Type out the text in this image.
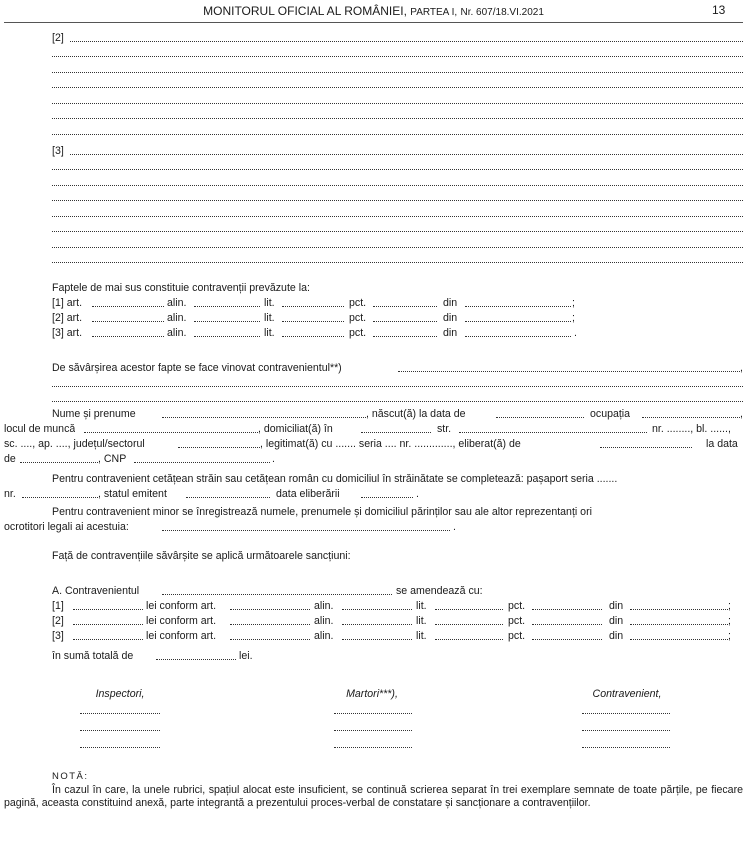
MONITORUL OFICIAL AL ROMÂNIEI, PARTEA I, Nr. 607/18.VI.2021	13
[2]
[3]
Faptele de mai sus constituie contravenții prevăzute la:
[1] art.	alin.	lit.	pct.	din	;
[2] art.	alin.	lit.	pct.	din	;
[3] art.	alin.	lit.	pct.	din	.
De săvârșirea acestor fapte se face vinovat contravenientul**)	,
Nume și prenume	, născut(ă) la data de	ocupația	,
locul de muncă	, domiciliat(ă) în	str.	nr. ........, bl. ......,
sc. ...., ap. ...., județul/sectorul	, legitimat(ă) cu ....... seria .... nr. ............., eliberat(ă) de	la data
de	, CNP	.
Pentru contravenient cetățean străin sau cetățean român cu domiciliul în străinătate se completează: pașaport seria .......
nr.	, statul emitent	data eliberării	.
Pentru contravenient minor se înregistrează numele, prenumele și domiciliul părinților sau ale altor reprezentanți ori
ocrotitori legali ai acestuia:	.
Față de contravențiile săvârșite se aplică următoarele sancțiuni:
A. Contravenientul	se amendează cu:
[1]	lei conform art.	alin.	lit.	pct.	din	;
[2]	lei conform art.	alin.	lit.	pct.	din	;
[3]	lei conform art.	alin.	lit.	pct.	din	;
în sumă totală de	lei.
Inspectori,	Martori***),	Contravenient,
NOTĂ:
În cazul în care, la unele rubrici, spațiul alocat este insuficient, se continuă scrierea separat în trei exemplare semnate de toate părțile, pe fiecare pagină, aceasta constituind anexă, parte integrantă a prezentului proces-verbal de constatare și sancționare a contravențiilor.
